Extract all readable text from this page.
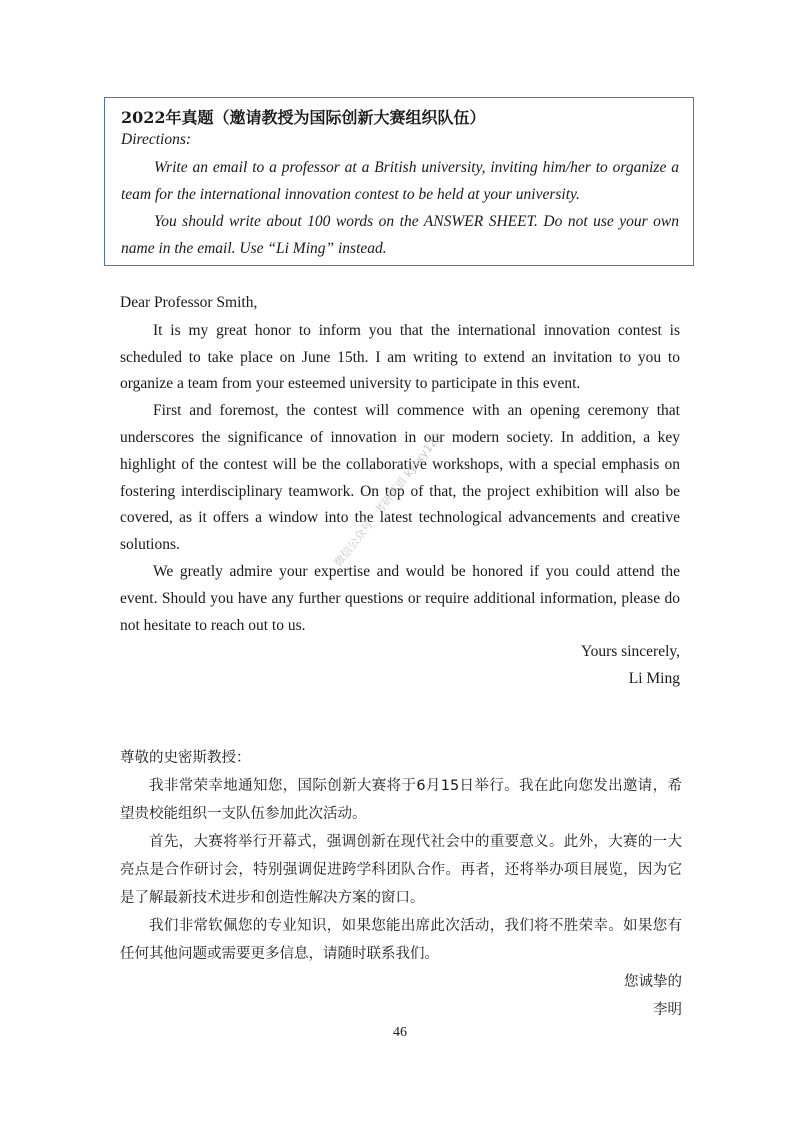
2022年真题（邀请教授为国际创新大赛组织队伍）

Directions:

Write an email to a professor at a British university, inviting him/her to organize a team for the international innovation contest to be held at your university.

You should write about 100 words on the ANSWER SHEET. Do not use your own name in the email. Use “Li Ming” instead.

Dear Professor Smith,

It is my great honor to inform you that the international innovation contest is scheduled to take place on June 15th. I am writing to extend an invitation to you to organize a team from your esteemed university to participate in this event.

First and foremost, the contest will commence with an opening ceremony that underscores the significance of innovation in our modern society. In addition, a key highlight of the contest will be the collaborative workshops, with a special emphasis on fostering interdisciplinary teamwork. On top of that, the project exhibition will also be covered, as it offers a window into the latest technological advancements and creative solutions.

We greatly admire your expertise and would be honored if you could attend the event. Should you have any further questions or require additional information, please do not hesitate to reach out to us.

Yours sincerely,

Li Ming

尊敬的史密斯教授：

我非常荣幸地通知您，国际创新大赛将于6月15日举行。我在此向您发出邀请，希望贵校能组织一支队伍参加此次活动。

首先，大赛将举行开幕式，强调创新在现代社会中的重要意义。此外，大赛的一大亮点是合作研讨会，特别强调促进跨学科团队合作。再者，还将举办项目展览，因为它是了解最新技术进步和创造性解决方案的窗口。

我们非常钦佩您的专业知识，如果您能出席此次活动，我们将不胜荣幸。如果您有任何其他问题或需要更多信息，请随时联系我们。

您诚挚的

李明

微信公众号：考研英语 kysxy123
46
